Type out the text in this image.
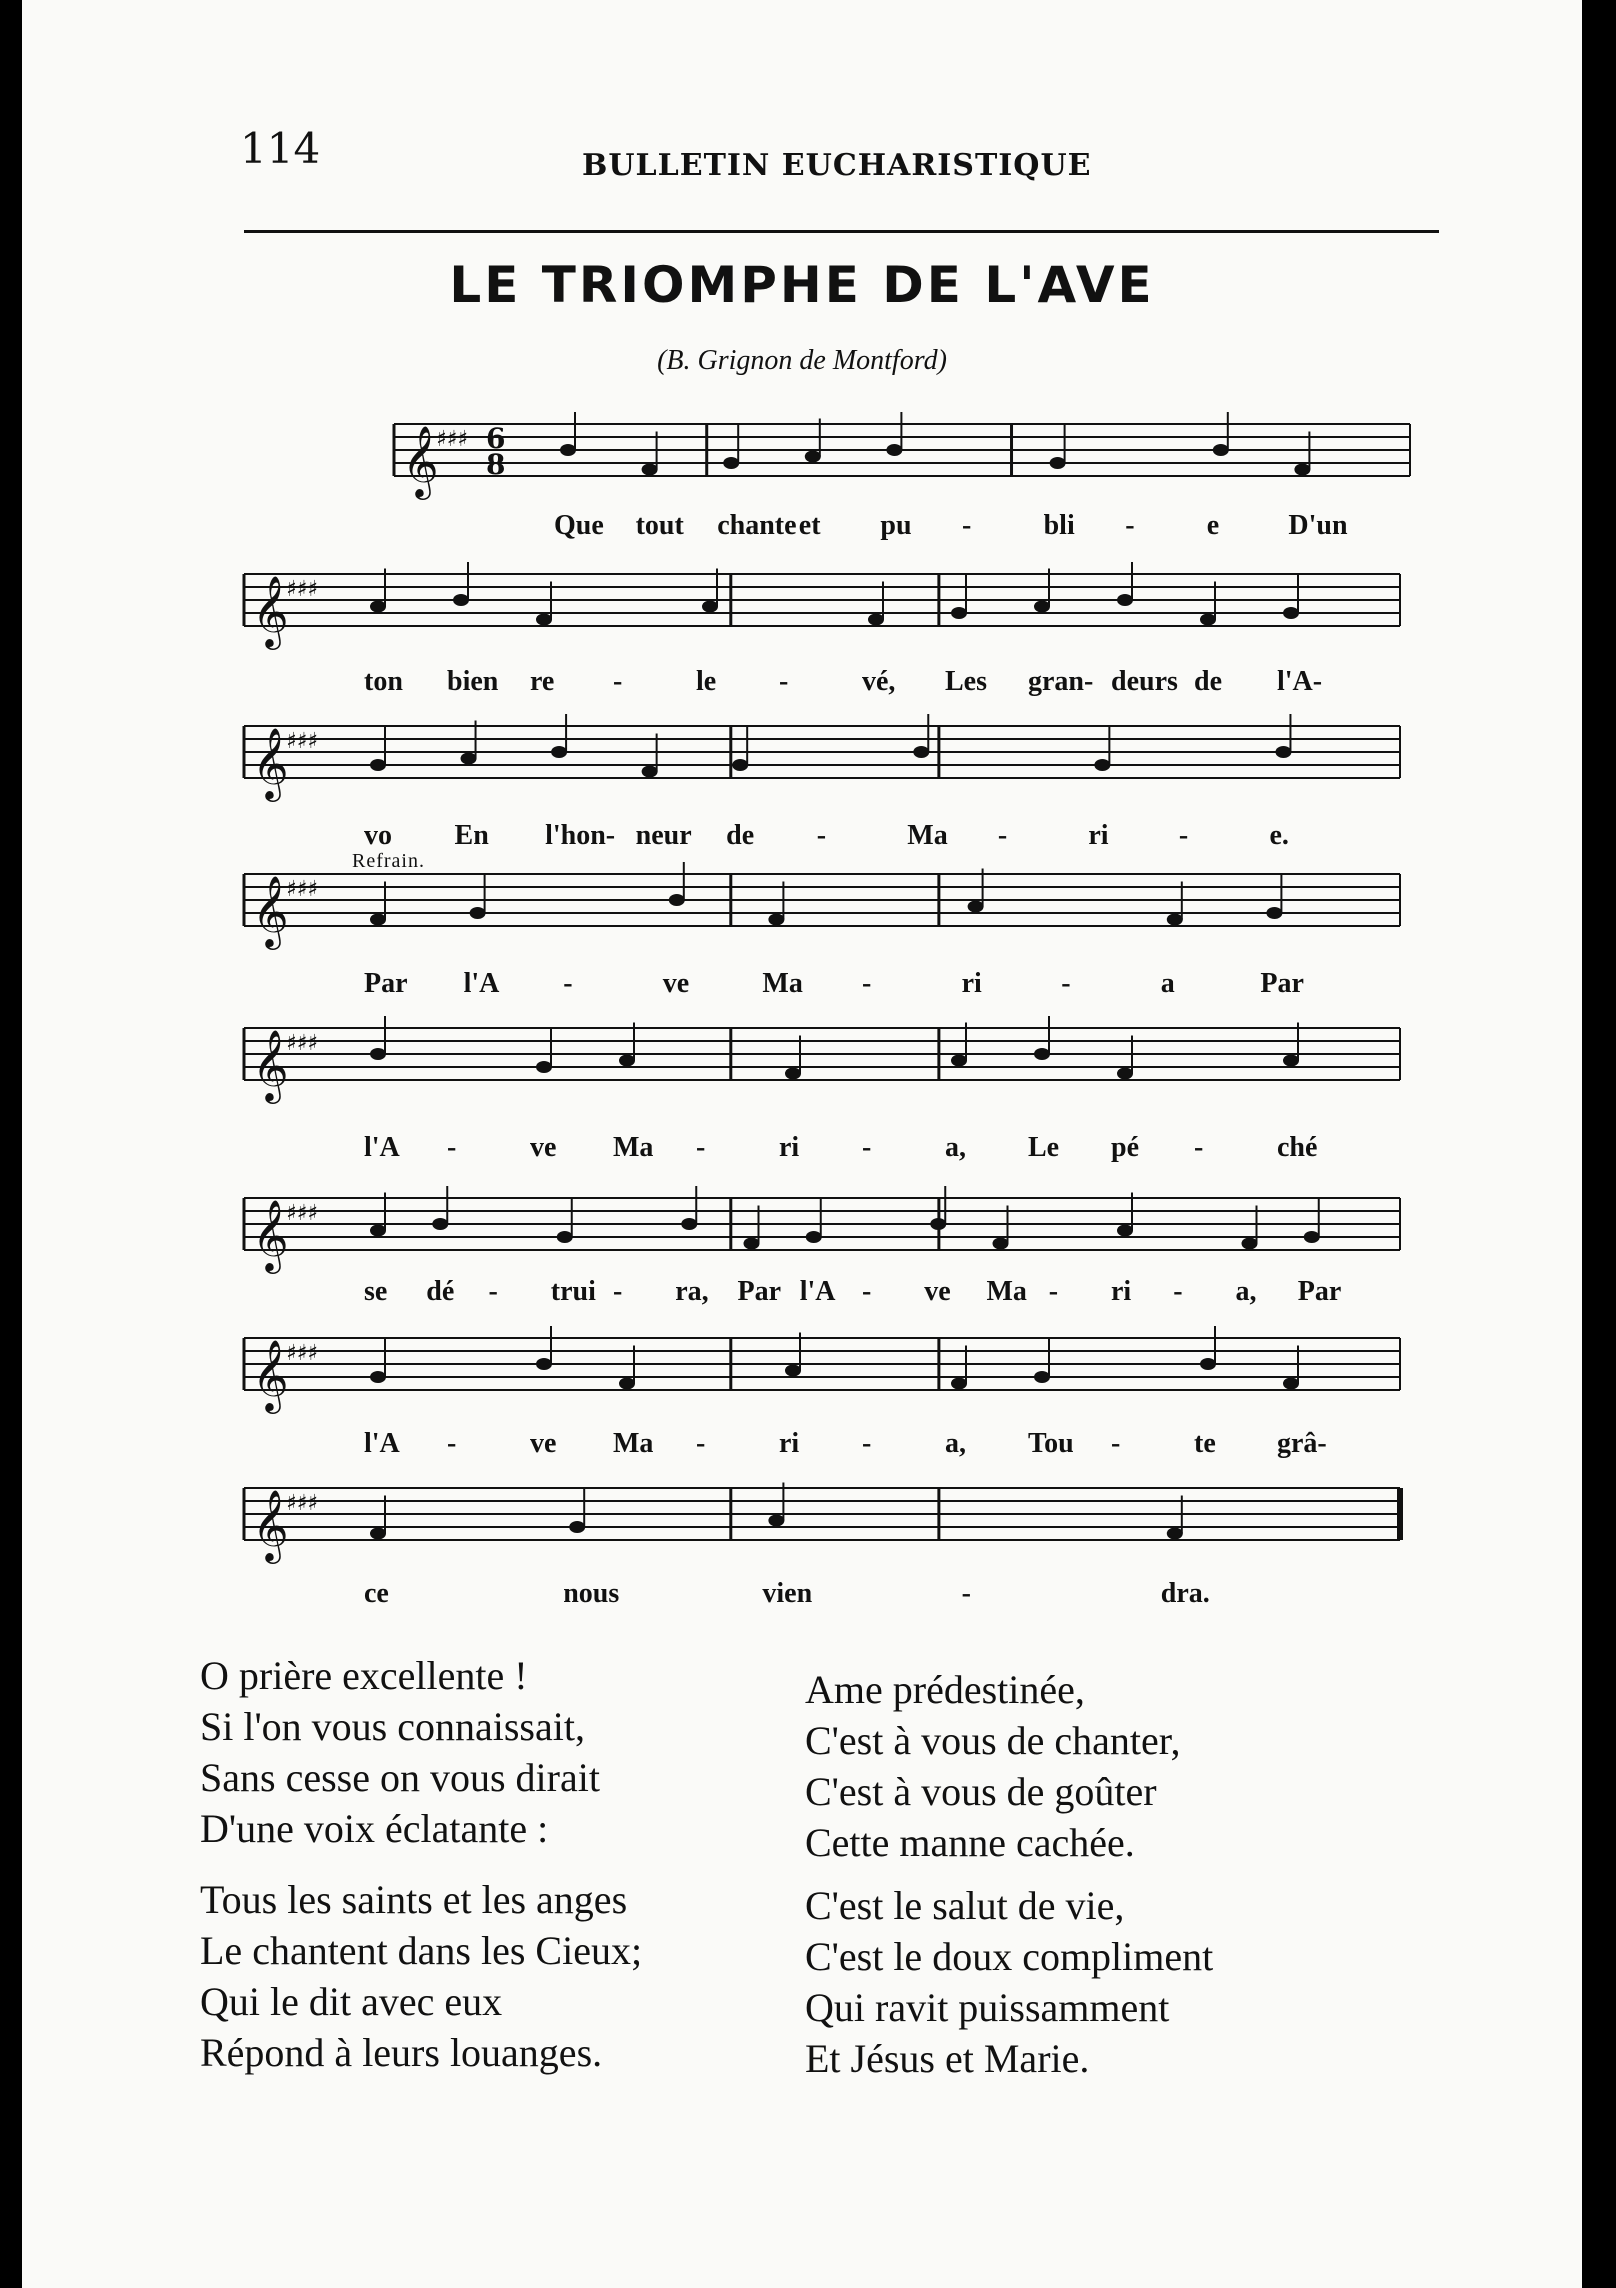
114	BULLETIN EUCHARISTIQUE
LE TRIOMPHE DE L'AVE
(B. Grignon de Montford)
𝄞
♯♯♯ 6
8
𝄞
♯♯♯
𝄞
♯♯♯
𝄞
♯♯♯
𝄞
♯♯♯
𝄞
♯♯♯
𝄞
♯♯♯
𝄞
♯♯♯
Que tout chante et pu -	bli -	e D'un
ton bien re -	le -	vé, Les gran- deurs de l'A-
vo En l'hon- neur de -	Ma -	ri	-	e.
Par l'A -	ve	Ma -	ri	-	a	Par
l'A -	ve Ma -	ri -	a, Le pé -	ché
se dé - trui - ra, Par l'A - ve Ma - ri - a, Par
l'A -	ve Ma -	ri -	a, Tou -	te grâ-
ce	nous	vien	-	dra.
Refrain.
O prière excellente !
Si l'on vous connaissait,
Sans cesse on vous dirait
D'une voix éclatante :
Tous les saints et les anges
Le chantent dans les Cieux;
Qui le dit avec eux
Répond à leurs louanges.
Ame prédestinée,
C'est à vous de chanter,
C'est à vous de goûter
Cette manne cachée.
C'est le salut de vie,
C'est le doux compliment
Qui ravit puissamment
Et Jésus et Marie.
